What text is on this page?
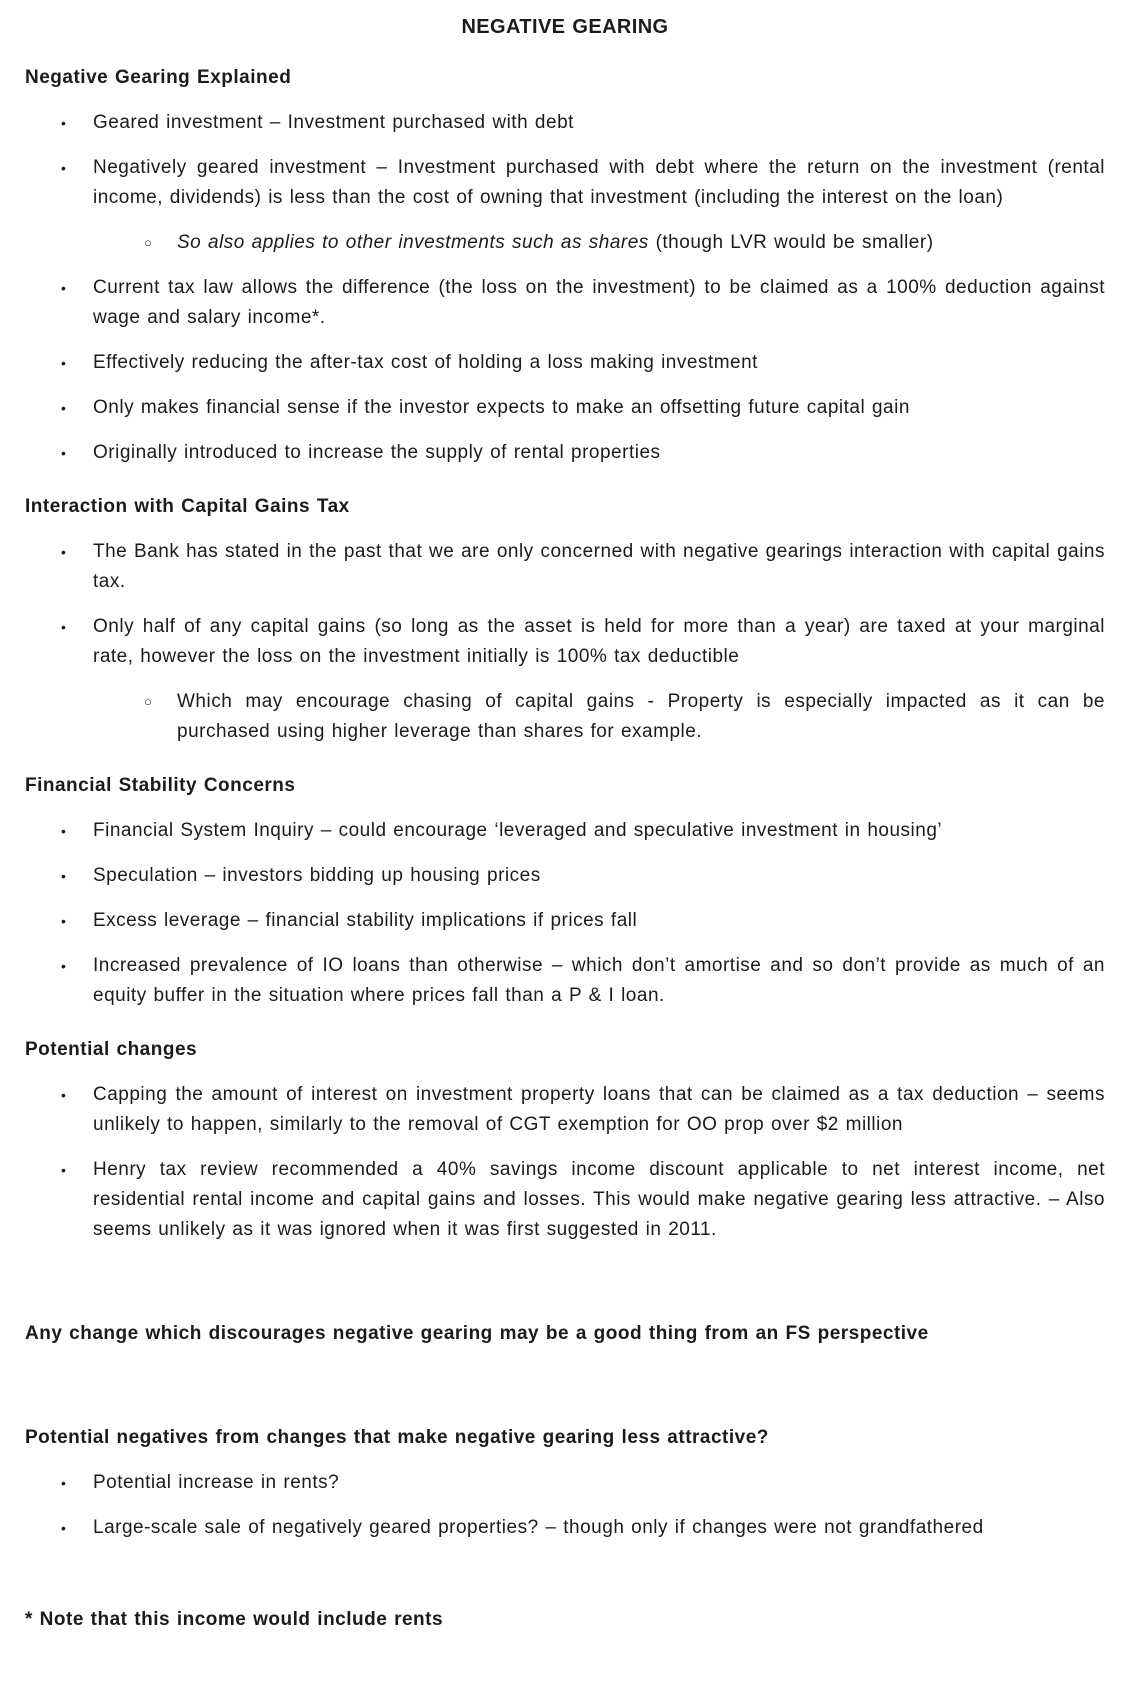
NEGATIVE GEARING
Negative Gearing Explained
•	Geared investment – Investment purchased with debt

•	Negatively geared investment – Investment purchased with debt where the return on the investment (rental income, dividends) is less than the cost of owning that investment (including the interest on the loan)

○	So also applies to other investments such as shares (though LVR would be smaller)

•	Current tax law allows the difference (the loss on the investment) to be claimed as a 100% deduction against wage and salary income*.

•	Effectively reducing the after-tax cost of holding a loss making investment

•	Only makes financial sense if the investor expects to make an offsetting future capital gain

•	Originally introduced to increase the supply of rental properties

Interaction with Capital Gains Tax
•	The Bank has stated in the past that we are only concerned with negative gearings interaction with capital gains tax.

•	Only half of any capital gains (so long as the asset is held for more than a year) are taxed at your marginal rate, however the loss on the investment initially is 100% tax deductible

○	Which may encourage chasing of capital gains - Property is especially impacted as it can be purchased using higher leverage than shares for example.

Financial Stability Concerns
•	Financial System Inquiry – could encourage ‘leveraged and speculative investment in housing’

•	Speculation – investors bidding up housing prices

•	Excess leverage – financial stability implications if prices fall

•	Increased prevalence of IO loans than otherwise – which don’t amortise and so don’t provide as much of an equity buffer in the situation where prices fall than a P & I loan.

Potential changes
•	Capping the amount of interest on investment property loans that can be claimed as a tax deduction – seems unlikely to happen, similarly to the removal of CGT exemption for OO prop over $2 million

•	Henry tax review recommended a 40% savings income discount applicable to net interest income, net residential rental income and capital gains and losses. This would make negative gearing less attractive. – Also seems unlikely as it was ignored when it was first suggested in 2011.

Any change which discourages negative gearing may be a good thing from an FS perspective
Potential negatives from changes that make negative gearing less attractive?
•	Potential increase in rents?

•	Large-scale sale of negatively geared properties? – though only if changes were not grandfathered

* Note that this income would include rents
